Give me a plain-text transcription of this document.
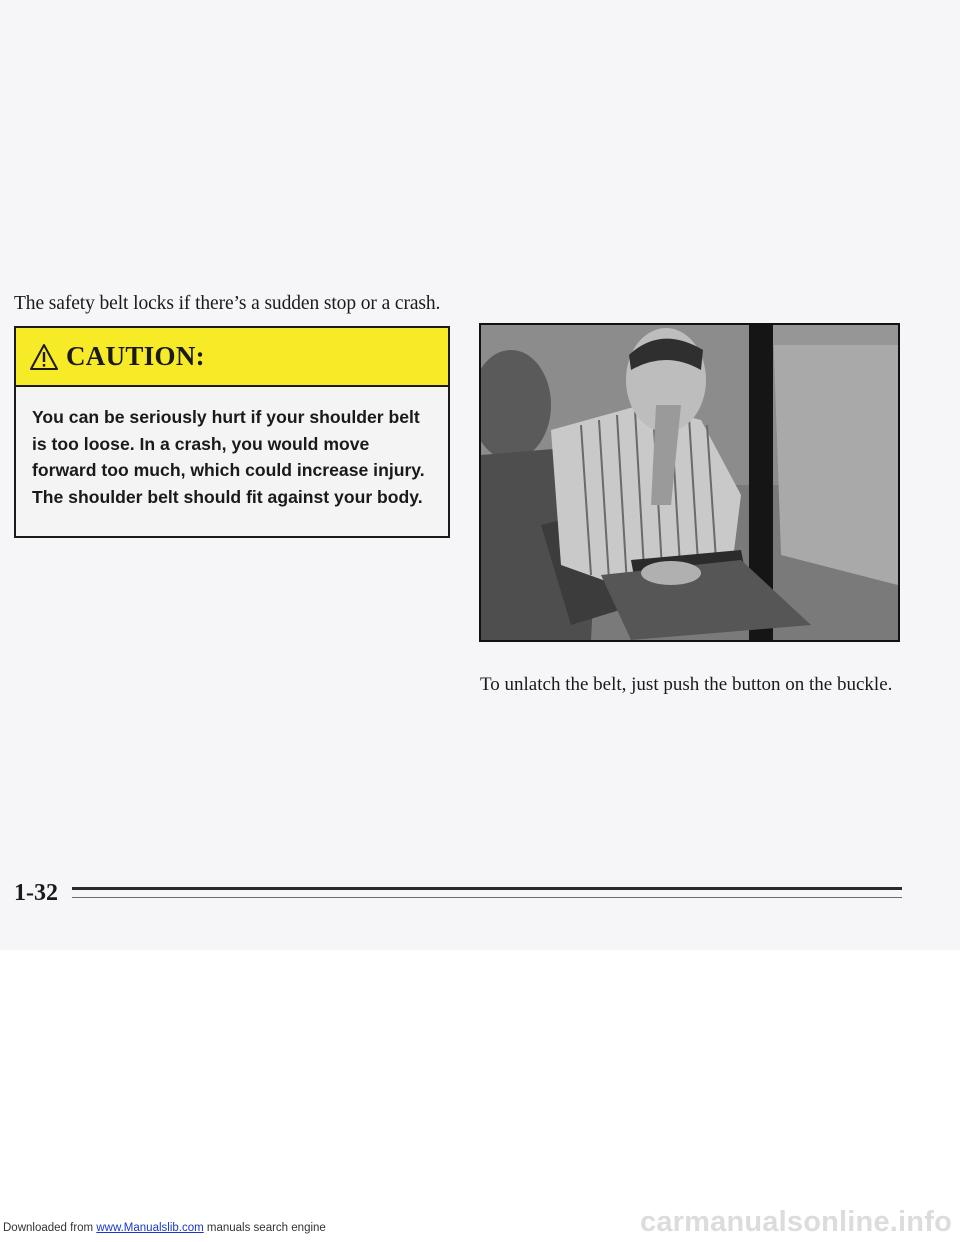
The safety belt locks if there’s a sudden stop or a crash.
CAUTION:
You can be seriously hurt if your shoulder belt is too loose. In a crash, you would move forward too much, which could increase injury. The shoulder belt should fit against your body.
To unlatch the belt, just push the button on the buckle.
1-32
Downloaded from www.Manualslib.com manuals search engine	carmanualsonline.info
